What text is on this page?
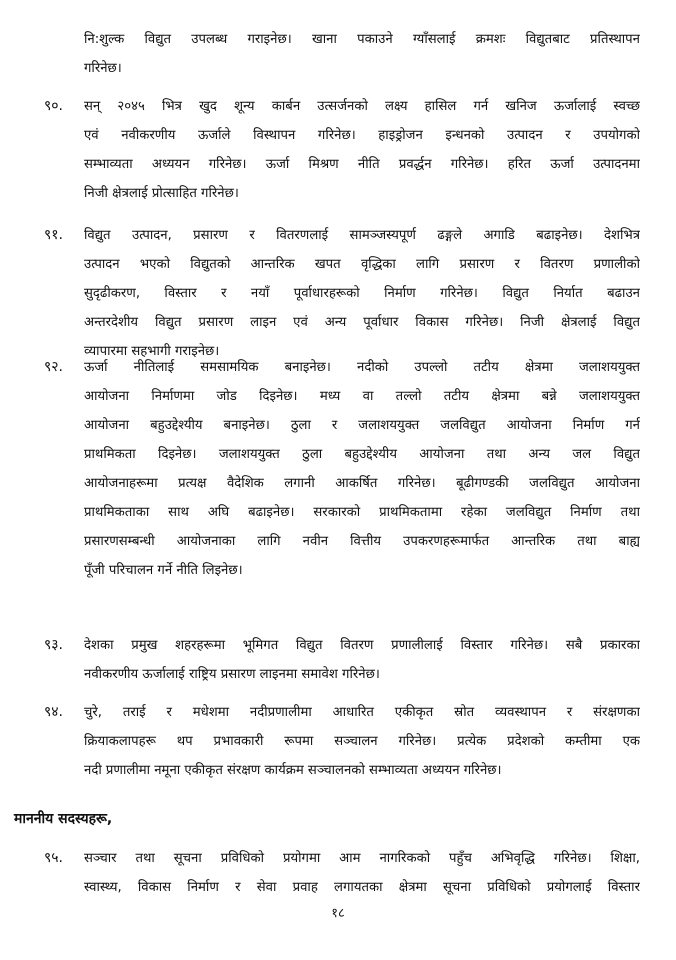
नि:शुल्क विद्युत उपलब्ध गराइनेछ। खाना पकाउने ग्याँसलाई क्रमशः विद्युतबाट प्रतिस्थापन
गरिनेछ।
९०. सन् २०४५ भित्र खुद शून्य कार्बन उत्सर्जनको लक्ष्य हासिल गर्न खनिज ऊर्जालाई स्वच्छ
एवं नवीकरणीय ऊर्जाले विस्थापन गरिनेछ। हाइड्रोजन इन्धनको उत्पादन र उपयोगको
सम्भाव्यता अध्ययन गरिनेछ। ऊर्जा मिश्रण नीति प्रवर्द्धन गरिनेछ। हरित ऊर्जा उत्पादनमा
निजी क्षेत्रलाई प्रोत्साहित गरिनेछ।
९१. विद्युत उत्पादन, प्रसारण र वितरणलाई सामञ्जस्यपूर्ण ढङ्गले अगाडि बढाइनेछ। देशभित्र
उत्पादन भएको विद्युतको आन्तरिक खपत वृद्धिका लागि प्रसारण र वितरण प्रणालीको
सुदृढीकरण, विस्तार र नयाँ पूर्वाधारहरूको निर्माण गरिनेछ। विद्युत निर्यात बढाउन
अन्तरदेशीय विद्युत प्रसारण लाइन एवं अन्य पूर्वाधार विकास गरिनेछ। निजी क्षेत्रलाई विद्युत
व्यापारमा सहभागी गराइनेछ।
९२. ऊर्जा नीतिलाई समसामयिक बनाइनेछ। नदीको उपल्लो तटीय क्षेत्रमा जलाशययुक्त
आयोजना निर्माणमा जोड दिइनेछ। मध्य वा तल्लो तटीय क्षेत्रमा बन्ने जलाशययुक्त
आयोजना बहुउद्देश्यीय बनाइनेछ। ठुला र जलाशययुक्त जलविद्युत आयोजना निर्माण गर्न
प्राथमिकता दिइनेछ। जलाशययुक्त ठुला बहुउद्देश्यीय आयोजना तथा अन्य जल विद्युत
आयोजनाहरूमा प्रत्यक्ष वैदेशिक लगानी आकर्षित गरिनेछ। बूढीगण्डकी जलविद्युत आयोजना
प्राथमिकताका साथ अघि बढाइनेछ। सरकारको प्राथमिकतामा रहेका जलविद्युत निर्माण तथा
प्रसारणसम्बन्धी आयोजनाका लागि नवीन वित्तीय उपकरणहरूमार्फत आन्तरिक तथा बाह्य
पूँजी परिचालन गर्ने नीति लिइनेछ।
९३. देशका प्रमुख शहरहरूमा भूमिगत विद्युत वितरण प्रणालीलाई विस्तार गरिनेछ। सबै प्रकारका
नवीकरणीय ऊर्जालाई राष्ट्रिय प्रसारण लाइनमा समावेश गरिनेछ।
९४. चुरे, तराई र मधेशमा नदीप्रणालीमा आधारित एकीकृत स्रोत व्यवस्थापन र संरक्षणका
क्रियाकलापहरू थप प्रभावकारी रूपमा सञ्चालन गरिनेछ। प्रत्येक प्रदेशको कम्तीमा एक
नदी प्रणालीमा नमूना एकीकृत संरक्षण कार्यक्रम सञ्चालनको सम्भाव्यता अध्ययन गरिनेछ।
माननीय सदस्यहरू,
९५. सञ्चार तथा सूचना प्रविधिको प्रयोगमा आम नागरिकको पहुँच अभिवृद्धि गरिनेछ। शिक्षा,
स्वास्थ्य, विकास निर्माण र सेवा प्रवाह लगायतका क्षेत्रमा सूचना प्रविधिको प्रयोगलाई विस्तार
१८
